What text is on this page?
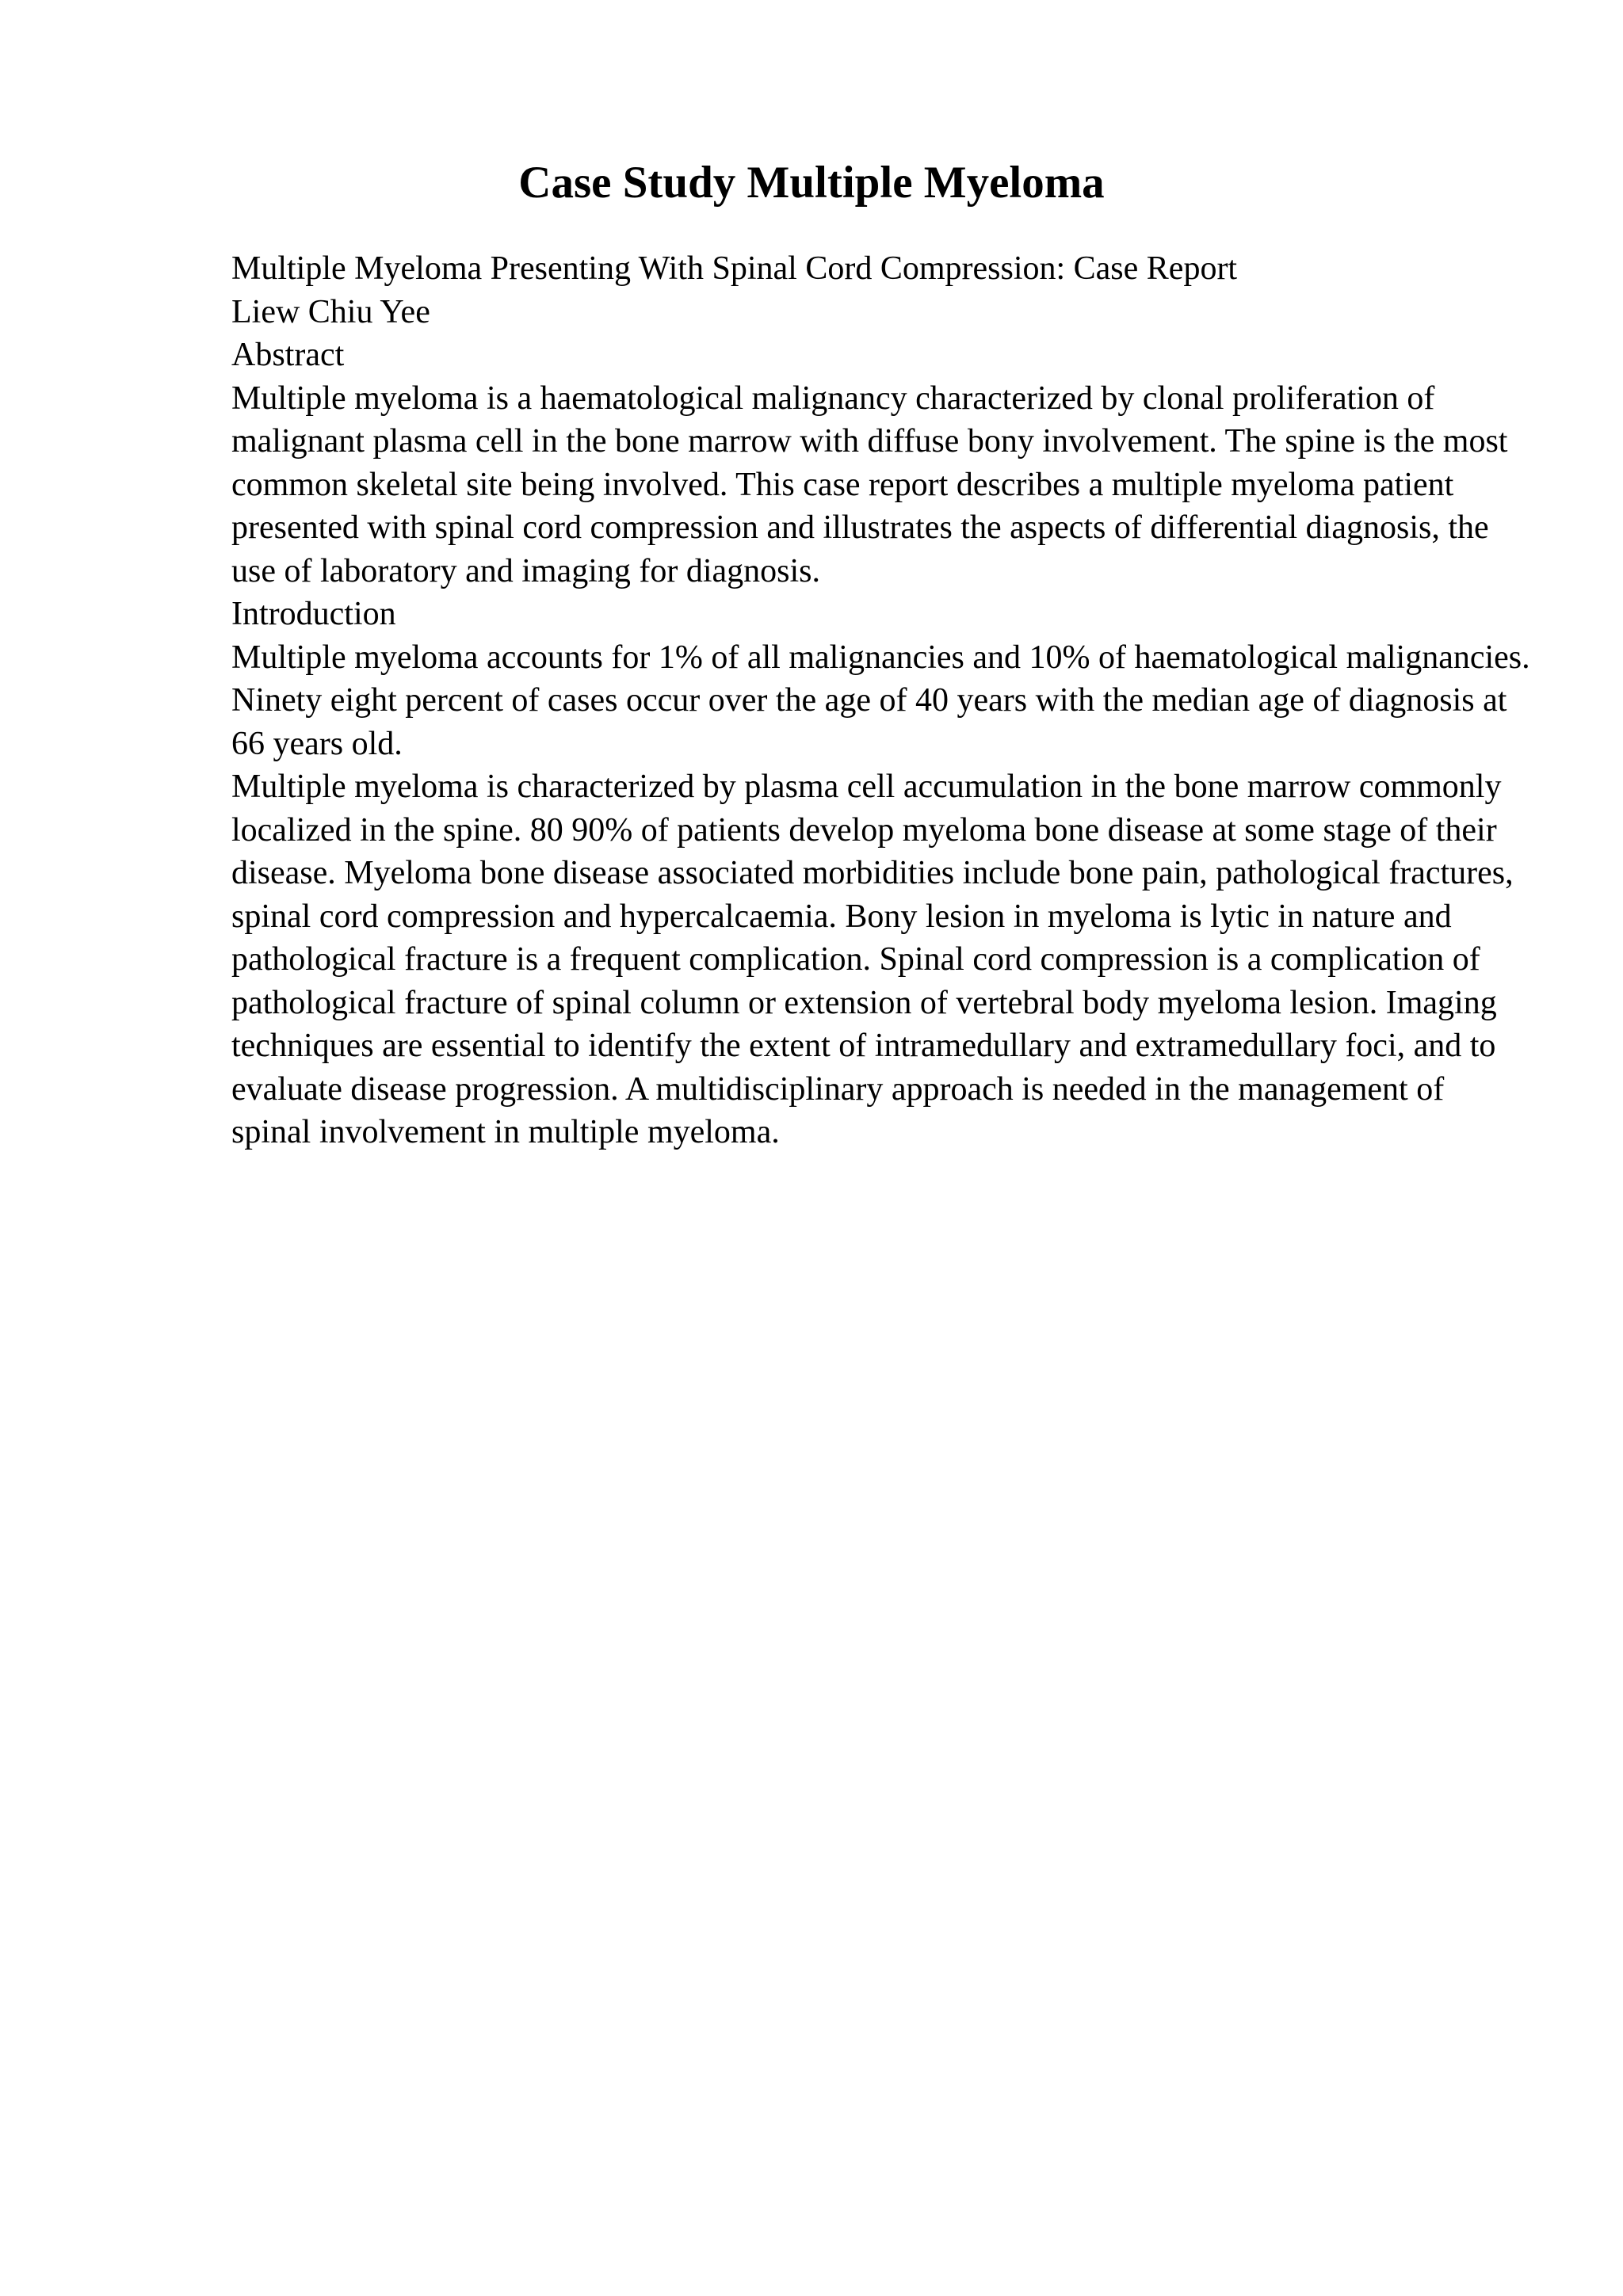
Case Study Multiple Myeloma

Multiple Myeloma Presenting With Spinal Cord Compression: Case Report

Liew Chiu Yee

Abstract

Multiple myeloma is a haematological malignancy characterized by clonal proliferation of malignant plasma cell in the bone marrow with diffuse bony involvement. The spine is the most common skeletal site being involved. This case report describes a multiple myeloma patient presented with spinal cord compression and illustrates the aspects of differential diagnosis, the use of laboratory and imaging for diagnosis.

Introduction

Multiple myeloma accounts for 1% of all malignancies and 10% of haematological malignancies. Ninety eight percent of cases occur over the age of 40 years with the median age of diagnosis at 66 years old.

Multiple myeloma is characterized by plasma cell accumulation in the bone marrow commonly localized in the spine. 80 90% of patients develop myeloma bone disease at some stage of their disease. Myeloma bone disease associated morbidities include bone pain, pathological fractures, spinal cord compression and hypercalcaemia. Bony lesion in myeloma is lytic in nature and pathological fracture is a frequent complication. Spinal cord compression is a complication of pathological fracture of spinal column or extension of vertebral body myeloma lesion. Imaging techniques are essential to identify the extent of intramedullary and extramedullary foci, and to evaluate disease progression. A multidisciplinary approach is needed in the management of spinal involvement in multiple myeloma.
